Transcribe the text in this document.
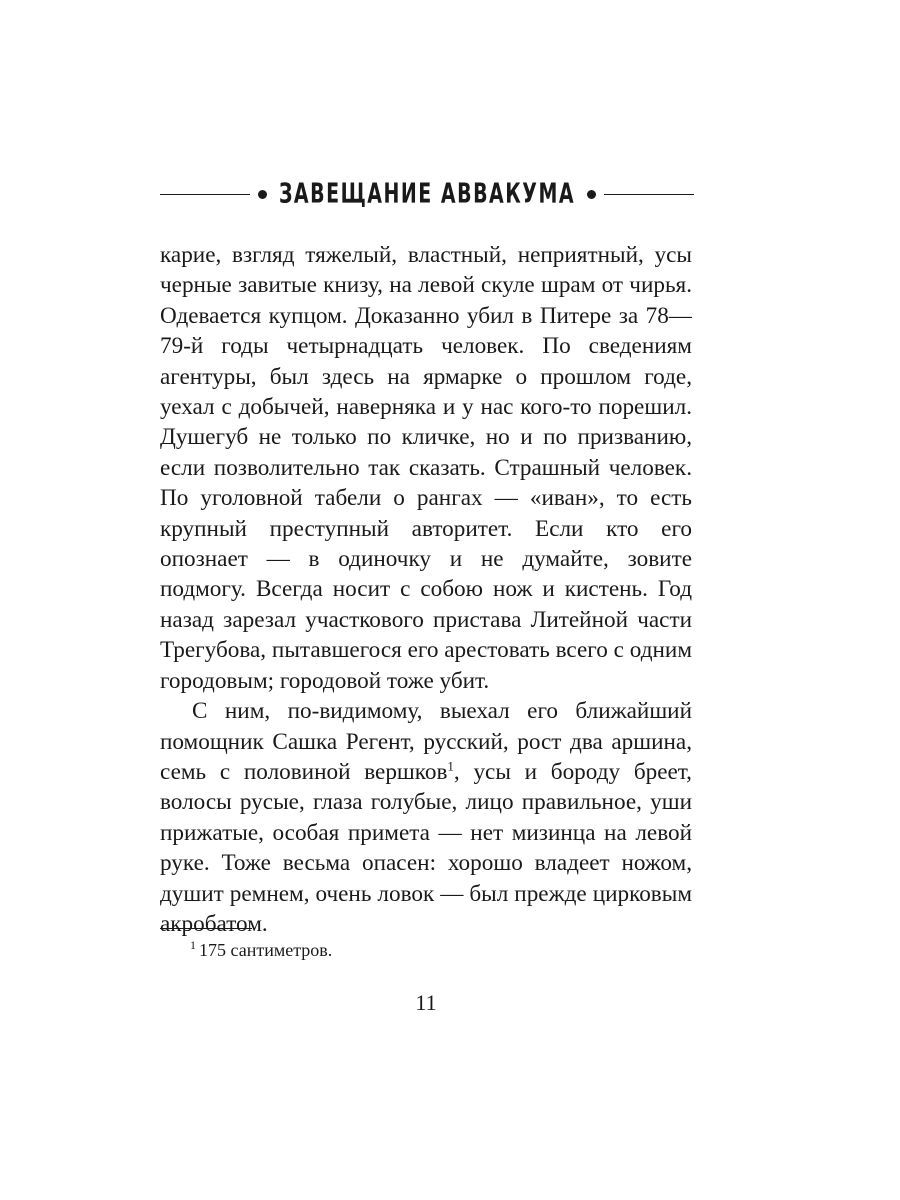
ЗАВЕЩАНИЕ АВВАКУМА

карие, взгляд тяжелый, властный, неприятный, усы черные завитые книзу, на левой скуле шрам от чирья. Одевается купцом. Доказанно убил в Питере за 78—79-й годы четырнадцать человек. По сведениям агентуры, был здесь на ярмарке о прошлом годе, уехал с добычей, наверняка и у нас кого-то порешил. Душегуб не только по кличке, но и по призванию, если позволительно так сказать. Страшный человек. По уголовной табели о рангах — «иван», то есть крупный преступный авторитет. Если кто его опознает — в одиночку и не думайте, зовите подмогу. Всегда носит с собою нож и кистень. Год назад зарезал участкового пристава Литейной части Трегубова, пытавшегося его арестовать всего с одним городовым; городовой тоже убит.

С ним, по-видимому, выехал его ближайший помощник Сашка Регент, русский, рост два аршина, семь с половиной вершков$^1$, усы и бороду бреет, волосы русые, глаза голубые, лицо правильное, уши прижатые, особая примета — нет мизинца на левой руке. Тоже весьма опасен: хорошо владеет ножом, душит ремнем, очень ловок — был прежде цирковым акробатом.

$^1$ 175 сантиметров.
11
